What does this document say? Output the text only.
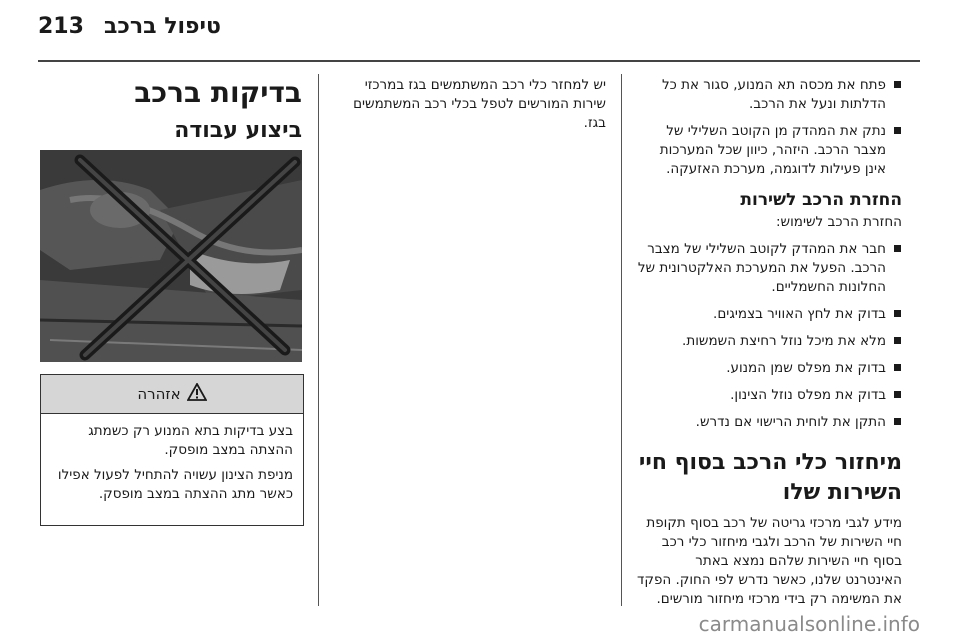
213 טיפול ברכב
בדיקות ברכב
ביצוע עבודה
אזהרה

בצע בדיקות בתא המנוע רק כשמתג ההצתה במצב מופסק.

מניפת הצינון עשויה להתחיל לפעול אפילו כאשר מתג ההצתה במצב מופסק.

יש למחזר כלי רכב המשתמשים בגז במרכזי שירות המורשים לטפל בכלי רכב המשתמשים בגז.

פתח את מכסה תא המנוע, סגור את כל הדלתות ונעל את הרכב.
נתק את המהדק מן הקוטב השלילי של מצבר הרכב. היזהר, כיוון שכל המערכות אינן פעילות לדוגמה, מערכת האזעקה.
החזרת הרכב לשירות

החזרת הרכב לשימוש:

חבר את המהדק לקוטב השלילי של מצבר הרכב. הפעל את המערכת האלקטרונית של החלונות החשמליים.
בדוק את לחץ האוויר בצמיגים.
מלא את מיכל נוזל רחיצת השמשות.
בדוק את מפלס שמן המנוע.
בדוק את מפלס נוזל הצינון.
התקן את לוחית הרישוי אם נדרש.
מיחזור כלי הרכב בסוף חיי השירות שלו

מידע לגבי מרכזי גריטה של רכב בסוף תקופת חיי השירות של הרכב ולגבי מיחזור כלי רכב בסוף חיי השירות שלהם נמצא באתר האינטרנט שלנו, כאשר נדרש לפי החוק. הפקד את המשימה רק בידי מרכזי מיחזור מורשים.

carmanualsonline.info
